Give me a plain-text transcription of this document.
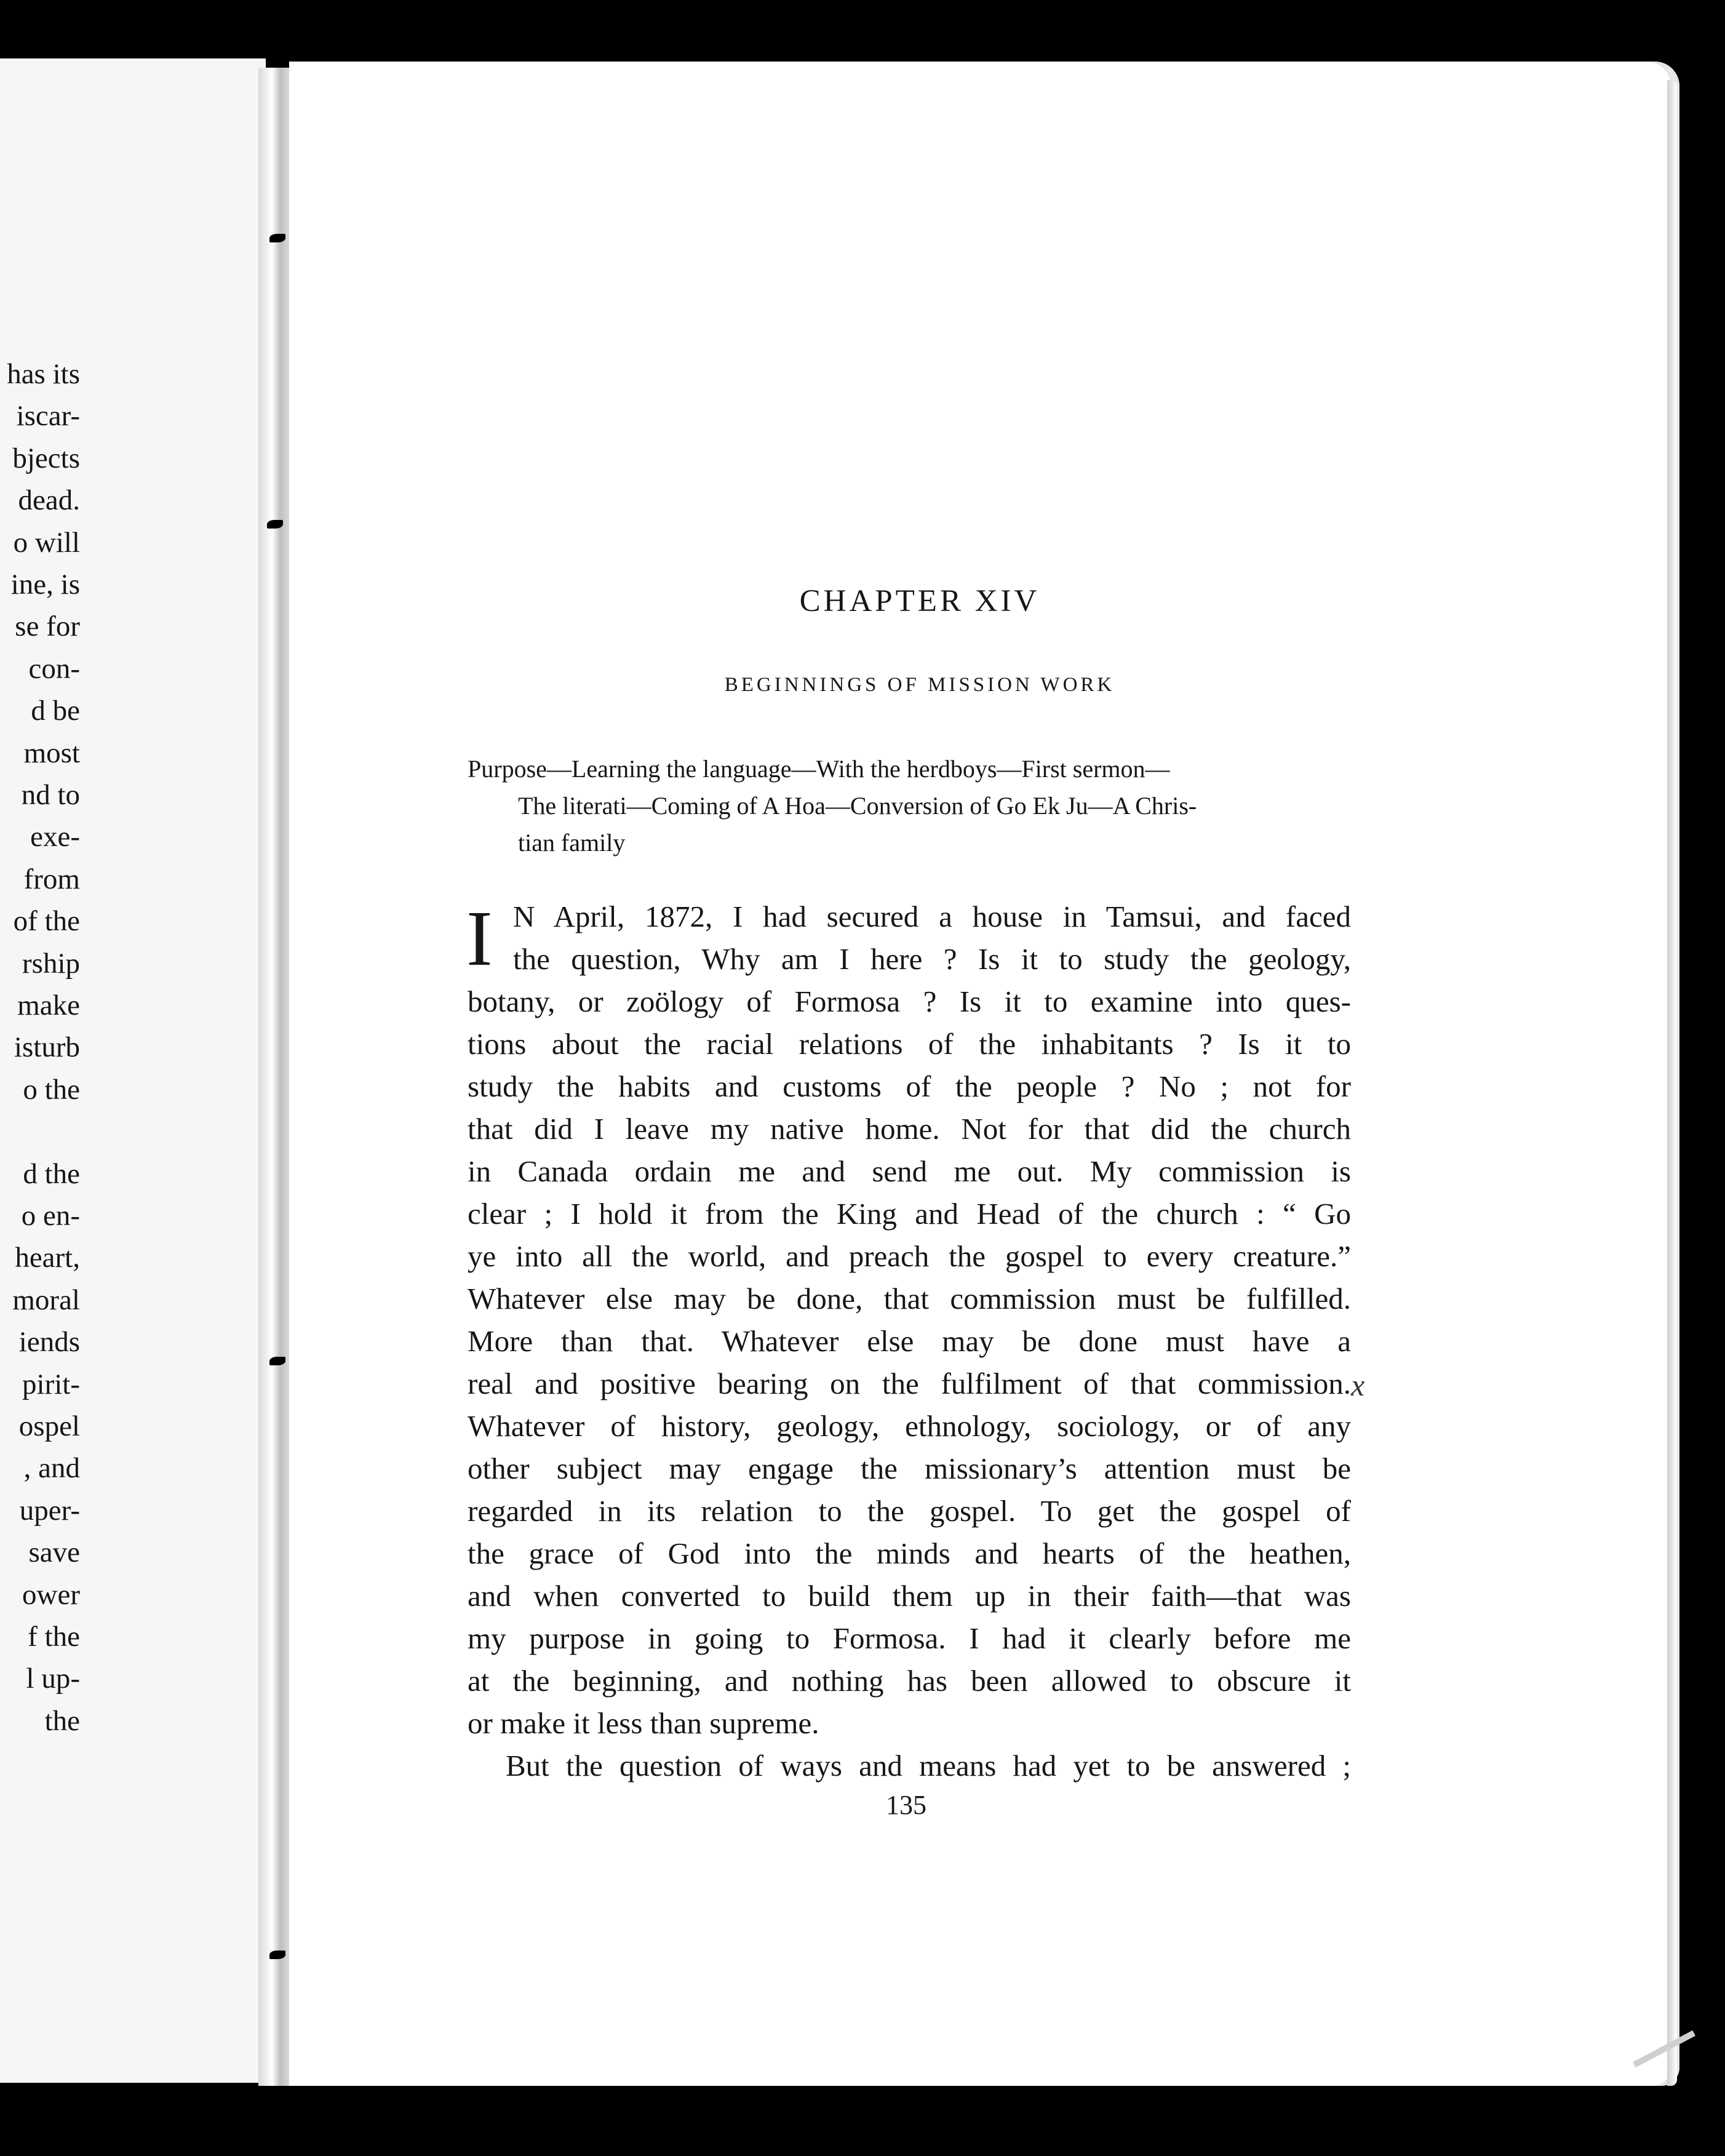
has its
iscar-
bjects
dead.
o will
ine, is
se for
con-
d be
most
nd to
exe-
from
of the
rship
make
isturb
o the
d the
o en-
heart,
moral
iends
pirit-
ospel
, and
uper-
save
ower
f the
l up-
the
CHAPTER XIV
BEGINNINGS OF MISSION WORK
Purpose—Learning the language—With the herdboys—First sermon—
The literati—Coming of A Hoa—Conversion of Go Ek Ju—A Chris-
tian family
I N April, 1872, I had secured a house in Tamsui, and faced
the question, Why am I here ? Is it to study the geology,
botany, or zoölogy of Formosa ? Is it to examine into ques-
tions about the racial relations of the inhabitants ? Is it to
study the habits and customs of the people ? No ; not for
that did I leave my native home. Not for that did the church
in Canada ordain me and send me out. My commission is
clear ; I hold it from the King and Head of the church : “ Go
ye into all the world, and preach the gospel to every creature.”
Whatever else may be done, that commission must be fulfilled.
More than that. Whatever else may be done must have a
real and positive bearing on the fulfilment of that commission.
Whatever of history, geology, ethnology, sociology, or of any
other subject may engage the missionary’s attention must be
regarded in its relation to the gospel. To get the gospel of
the grace of God into the minds and hearts of the heathen,
and when converted to build them up in their faith—that was
my purpose in going to Formosa. I had it clearly before me
at the beginning, and nothing has been allowed to obscure it
or make it less than supreme.
But the question of ways and means had yet to be answered ;
x
135
